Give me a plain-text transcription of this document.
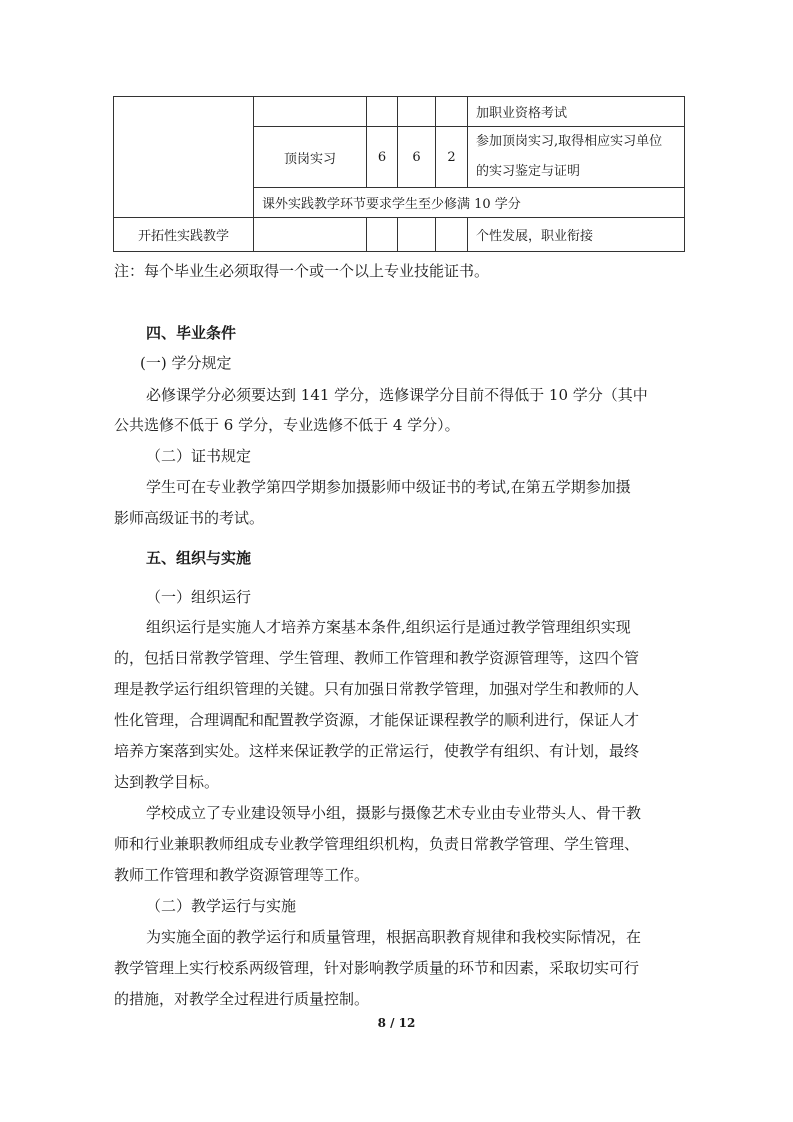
					加职业资格考试
	顶岗实习	6	6	2	参加顶岗实习,取得相应实习单位
的实习鉴定与证明

	课外实践教学环节要求学生至少修满 10 学分				
开拓性实践教学					个性发展，职业衔接
注：每个毕业生必须取得一个或一个以上专业技能证书。
四、毕业条件
(一) 学分规定
必修课学分必须要达到 141 学分，选修课学分目前不得低于 10 学分（其中
公共选修不低于 6 学分，专业选修不低于 4 学分）。
（二）证书规定
学生可在专业教学第四学期参加摄影师中级证书的考试,在第五学期参加摄
影师高级证书的考试。
五、组织与实施
（一）组织运行
组织运行是实施人才培养方案基本条件,组织运行是通过教学管理组织实现
的，包括日常教学管理、学生管理、教师工作管理和教学资源管理等，这四个管
理是教学运行组织管理的关键。只有加强日常教学管理，加强对学生和教师的人
性化管理，合理调配和配置教学资源，才能保证课程教学的顺利进行，保证人才
培养方案落到实处。这样来保证教学的正常运行，使教学有组织、有计划，最终
达到教学目标。
学校成立了专业建设领导小组，摄影与摄像艺术专业由专业带头人、骨干教
师和行业兼职教师组成专业教学管理组织机构，负责日常教学管理、学生管理、
教师工作管理和教学资源管理等工作。
（二）教学运行与实施
为实施全面的教学运行和质量管理，根据高职教育规律和我校实际情况，在
教学管理上实行校系两级管理，针对影响教学质量的环节和因素，采取切实可行
的措施，对教学全过程进行质量控制。
8 / 12
